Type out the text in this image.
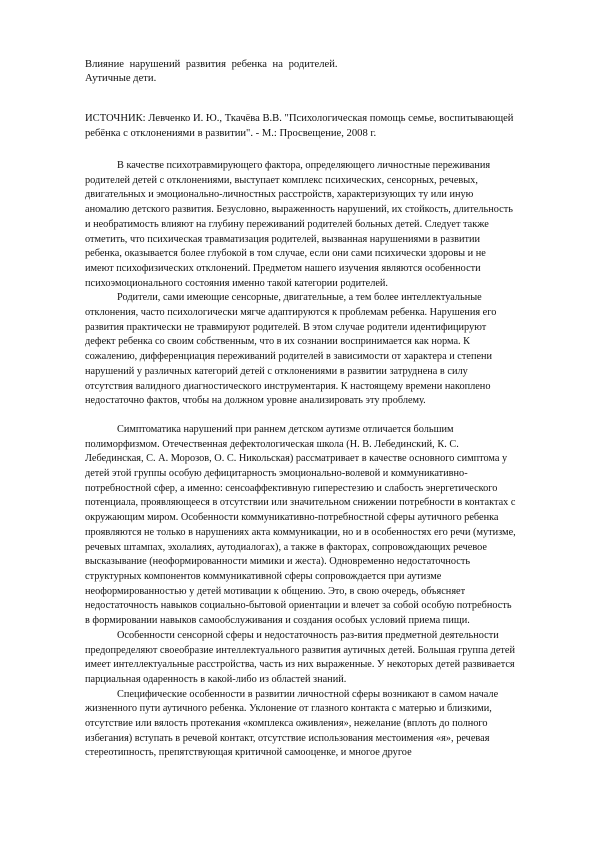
Влияние нарушений развития ребенка на родителей.

Аутичные дети.

ИСТОЧНИК: Левченко И. Ю., Ткачёва В.В. "Психологическая помощь семье, воспитывающей ребёнка с отклонениями в развитии". - М.: Просвещение, 2008 г.

В качестве психотравмирующего фактора, определяющего личностные переживания родителей детей с отклонениями, выступает комплекс психических, сенсорных, речевых, двигательных и эмоционально-личностных расстройств, характеризующих ту или иную аномалию детского развития. Безусловно, выраженность нарушений, их стойкость, длительность и необратимость влияют на глубину переживаний родителей больных детей. Следует также отметить, что психическая травматизация родителей, вызванная нарушениями в развитии ребенка, оказывается более глубокой в том случае, если они сами психически здоровы и не имеют психофизических отклонений. Предметом нашего изучения являются особенности психоэмоционального состояния именно такой категории родителей.

Родители, сами имеющие сенсорные, двигательные, а тем более интеллектуальные отклонения, часто психологически мягче адаптируются к проблемам ребенка. Нарушения его развития практически не травмируют родителей. В этом случае родители идентифицируют дефект ребенка со своим собственным, что в их сознании воспринимается как норма. К сожалению, дифференциация переживаний родителей в зависимости от характера и степени нарушений у различных категорий детей с отклонениями в развитии затруднена в силу отсутствия валидного диагностического инструментария. К настоящему времени накоплено недостаточно фактов, чтобы на должном уровне анализировать эту проблему.

Симптоматика нарушений при раннем детском аутизме отличается большим полиморфизмом. Отечественная дефектологическая школа (Н. В. Лебединский, К. С. Лебединская, С. А. Морозов, О. С. Никольская) рассматривает в качестве основного симптома у детей этой группы особую дефицитарность эмоционально-волевой и коммуникативно-потребностной сфер, а именно: сенсоаффективную гиперестезию и слабость энергетического потенциала, проявляющееся в отсутствии или значительном снижении потребности в контактах с окружающим миром. Особенности коммуникативно-потребностной сферы аутичного ребенка проявляются не только в нарушениях акта коммуникации, но и в особенностях его речи (мутизме, речевых штампах, эхолалиях, аутодиалогах), а также в факторах, сопровождающих речевое высказывание (неоформированности мимики и жеста). Одновременно недостаточность структурных компонентов коммуникативной сферы сопровождается при аутизме неоформированностью у детей мотивации к общению. Это, в свою очередь, объясняет недостаточность навыков социально-бытовой ориентации и влечет за собой особую потребность в формировании навыков самообслуживания и создания особых условий приема пищи.

Особенности сенсорной сферы и недостаточность раз-вития предметной деятельности предопределяют своеобразие интеллектуального развития аутичных детей. Большая группа детей имеет интеллектуальные расстройства, часть из них выраженные. У некоторых детей развивается парциальная одаренность в какой-либо из областей знаний.

Специфические особенности в развитии личностной сферы возникают в самом начале жизненного пути аутичного ребенка. Уклонение от глазного контакта с матерью и близкими, отсутствие или вялость протекания «комплекса оживления», нежелание (вплоть до полного избегания) вступать в речевой контакт, отсутствие использования местоимения «я», речевая стереотипность, препятствующая критичной самооценке, и многое другое
